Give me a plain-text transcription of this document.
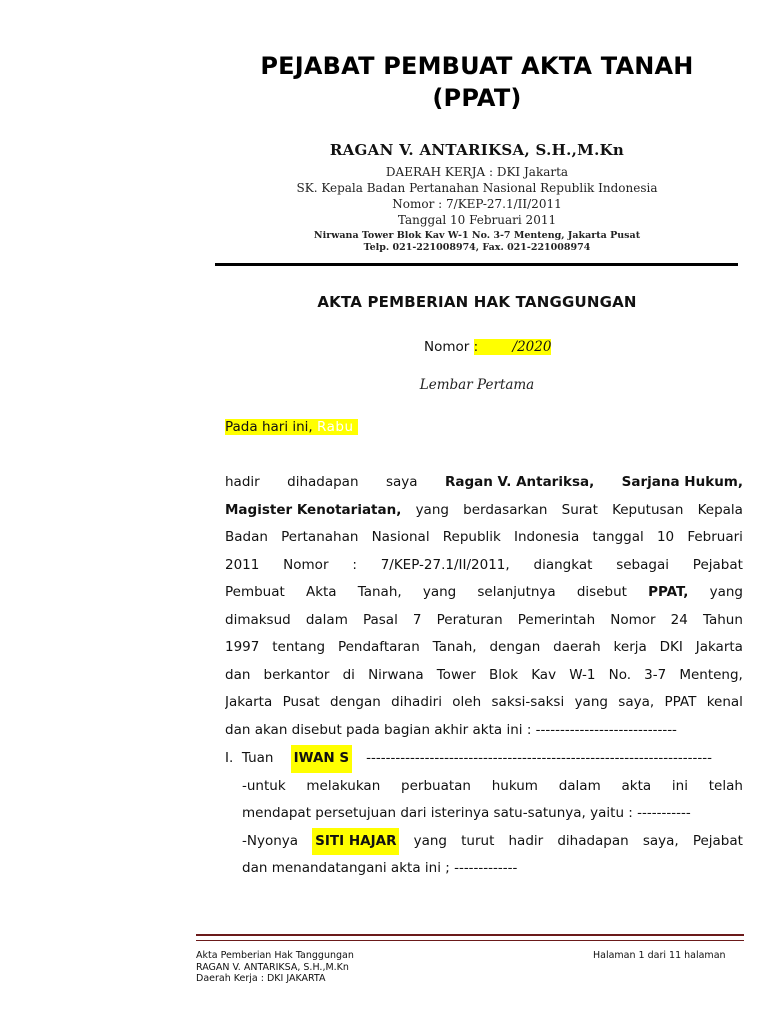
PEJABAT PEMBUAT AKTA TANAH
(PPAT)
RAGAN V. ANTARIKSA, S.H.,M.Kn
DAERAH KERJA : DKI Jakarta
SK. Kepala Badan Pertanahan Nasional Republik Indonesia
Nomor : 7/KEP-27.1/II/2011
Tanggal 10 Februari 2011
Nirwana Tower Blok Kav W-1 No. 3-7 Menteng, Jakarta Pusat
Telp. 021-221008974, Fax. 021-221008974
AKTA PEMBERIAN HAK TANGGUNGAN
Nomor :	/2020
Lembar Pertama
Pada hari ini, Rabu
hadir dihadapan saya Ragan V. Antariksa, Sarjana Hukum,
Magister Kenotariatan, yang berdasarkan Surat Keputusan Kepala
Badan Pertanahan Nasional Republik Indonesia tanggal 10 Februari
2011 Nomor : 7/KEP-27.1/II/2011, diangkat sebagai Pejabat
Pembuat Akta Tanah, yang selanjutnya disebut PPAT, yang
dimaksud dalam Pasal 7 Peraturan Pemerintah Nomor 24 Tahun
1997 tentang Pendaftaran Tanah, dengan daerah kerja DKI Jakarta
dan berkantor di Nirwana Tower Blok Kav W-1 No. 3-7 Menteng,
Jakarta Pusat dengan dihadiri oleh saksi-saksi yang saya, PPAT kenal
dan akan disebut pada bagian akhir akta ini : -----------------------------
I.
Tuan
IWAN S -----------------------------------------------------------------------
-untuk melakukan perbuatan hukum dalam akta ini telah
mendapat persetujuan dari isterinya satu-satunya, yaitu : -----------
-Nyonya SITI HAJAR yang turut hadir dihadapan saya, Pejabat
dan menandatangani akta ini ; -------------
Akta Pemberian Hak Tanggungan
RAGAN V. ANTARIKSA, S.H.,M.Kn
Daerah Kerja : DKI JAKARTA
Halaman 1 dari 11 halaman
